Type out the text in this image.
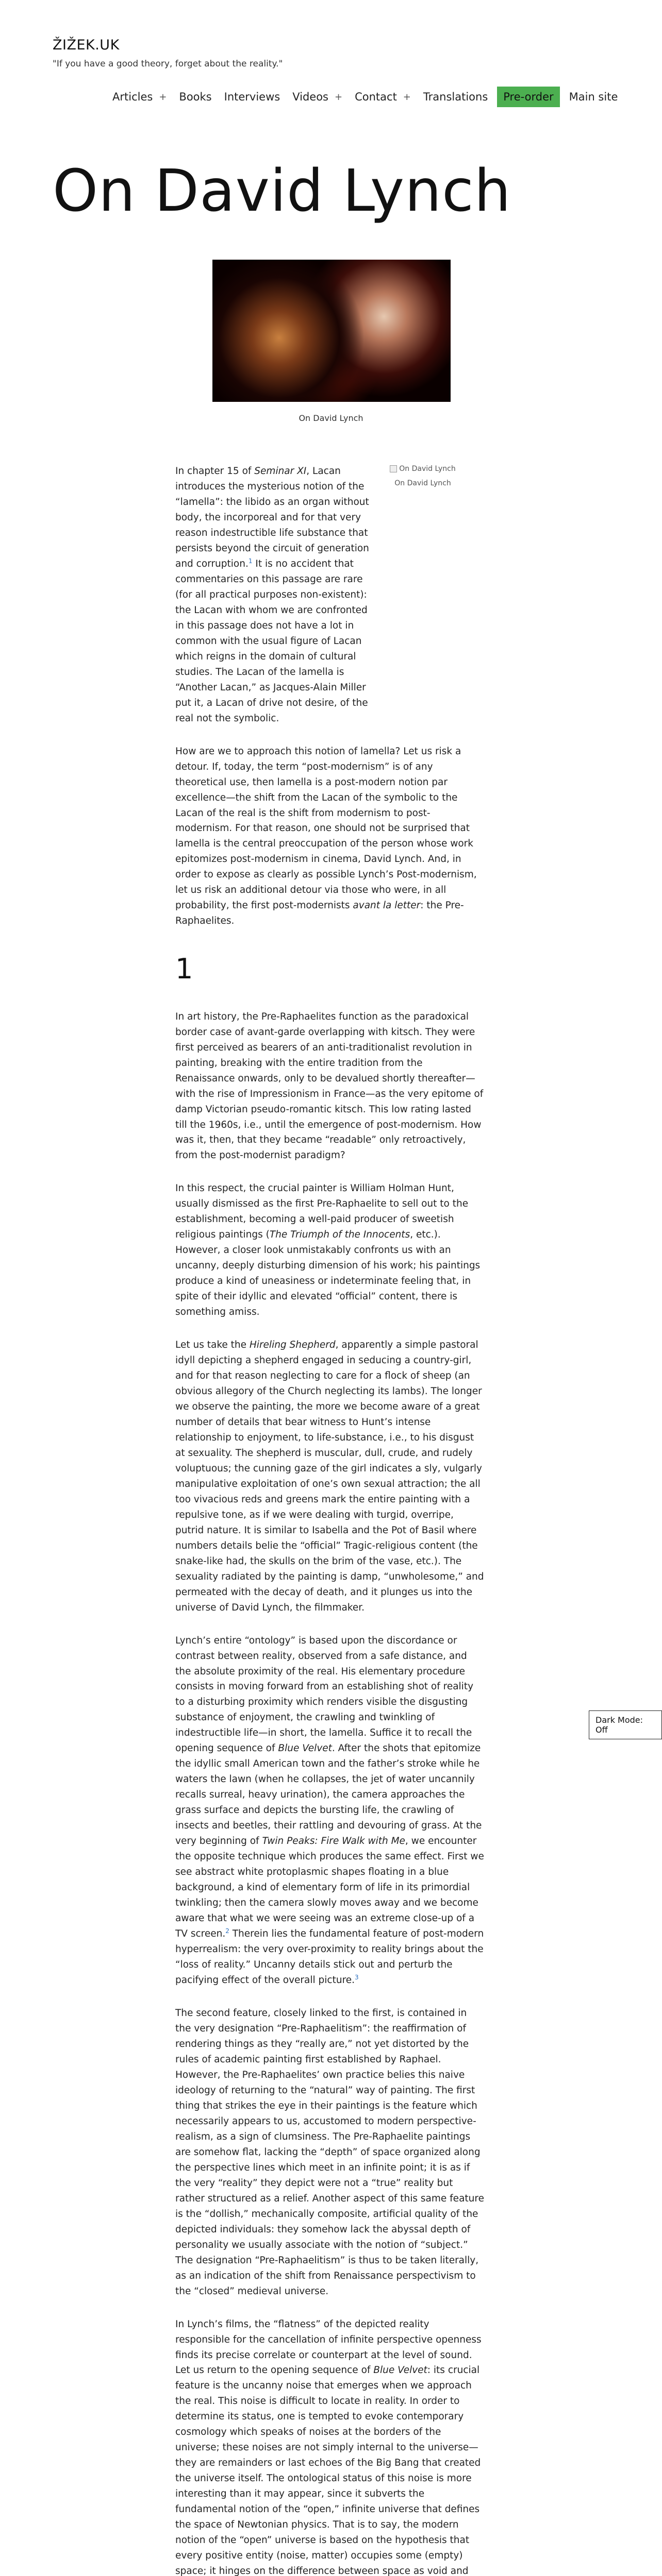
ŽIŽEK.UK
"If you have a good theory, forget about the reality."
Articles + Books Interviews Videos + Contact + Translations Pre-order Main site
On David Lynch
On David Lynch
On David Lynch
On David Lynch

In chapter 15 of Seminar XI, Lacan introduces the mysterious notion of the “lamella”: the libido as an organ without body, the incorporeal and for that very reason indestructible life substance that persists beyond the circuit of generation and corruption.$^1$ It is no accident that commentaries on this passage are rare (for all practical purposes non-existent): the Lacan with whom we are confronted in this passage does not have a lot in common with the usual figure of Lacan which reigns in the domain of cultural studies. The Lacan of the lamella is “Another Lacan,” as Jacques-Alain Miller put it, a Lacan of drive not desire, of the real not the symbolic.

How are we to approach this notion of lamella? Let us risk a detour. If, today, the term “post-modernism” is of any theoretical use, then lamella is a post-modern notion par excellence—the shift from the Lacan of the symbolic to the Lacan of the real is the shift from modernism to post-modernism. For that reason, one should not be surprised that lamella is the central preoccupation of the person whose work epitomizes post-modernism in cinema, David Lynch. And, in order to expose as clearly as possible Lynch’s Post-modernism, let us risk an additional detour via those who were, in all probability, the first post-modernists avant la letter: the Pre-Raphaelites.

1

In art history, the Pre-Raphaelites function as the paradoxical border case of avant-garde overlapping with kitsch. They were first perceived as bearers of an anti-traditionalist revolution in painting, breaking with the entire tradition from the Renaissance onwards, only to be devalued shortly thereafter—with the rise of Impressionism in France—as the very epitome of damp Victorian pseudo-romantic kitsch. This low rating lasted till the 1960s, i.e., until the emergence of post-modernism. How was it, then, that they became “readable” only retroactively, from the post-modernist paradigm?

In this respect, the crucial painter is William Holman Hunt, usually dismissed as the first Pre-Raphaelite to sell out to the establishment, becoming a well-paid producer of sweetish religious paintings (The Triumph of the Innocents, etc.). However, a closer look unmistakably confronts us with an uncanny, deeply disturbing dimension of his work; his paintings produce a kind of uneasiness or indeterminate feeling that, in spite of their idyllic and elevated “official” content, there is something amiss.

Let us take the Hireling Shepherd, apparently a simple pastoral idyll depicting a shepherd engaged in seducing a country-girl, and for that reason neglecting to care for a flock of sheep (an obvious allegory of the Church neglecting its lambs). The longer we observe the painting, the more we become aware of a great number of details that bear witness to Hunt’s intense relationship to enjoyment, to life-substance, i.e., to his disgust at sexuality. The shepherd is muscular, dull, crude, and rudely voluptuous; the cunning gaze of the girl indicates a sly, vulgarly manipulative exploitation of one’s own sexual attraction; the all too vivacious reds and greens mark the entire painting with a repulsive tone, as if we were dealing with turgid, overripe, putrid nature. It is similar to Isabella and the Pot of Basil where numbers details belie the “official” Tragic-religious content (the snake-like had, the skulls on the brim of the vase, etc.). The sexuality radiated by the painting is damp, “unwholesome,” and permeated with the decay of death, and it plunges us into the universe of David Lynch, the filmmaker.

Lynch’s entire “ontology” is based upon the discordance or contrast between reality, observed from a safe distance, and the absolute proximity of the real. His elementary procedure consists in moving forward from an establishing shot of reality to a disturbing proximity which renders visible the disgusting substance of enjoyment, the crawling and twinkling of indestructible life—in short, the lamella. Suffice it to recall the opening sequence of Blue Velvet. After the shots that epitomize the idyllic small American town and the father’s stroke while he waters the lawn (when he collapses, the jet of water uncannily recalls surreal, heavy urination), the camera approaches the grass surface and depicts the bursting life, the crawling of insects and beetles, their rattling and devouring of grass. At the very beginning of Twin Peaks: Fire Walk with Me, we encounter the opposite technique which produces the same effect. First we see abstract white protoplasmic shapes floating in a blue background, a kind of elementary form of life in its primordial twinkling; then the camera slowly moves away and we become aware that what we were seeing was an extreme close-up of a TV screen.$^2$ Therein lies the fundamental feature of post-modern hyperrealism: the very over-proximity to reality brings about the “loss of reality.” Uncanny details stick out and perturb the pacifying effect of the overall picture.$^3$

The second feature, closely linked to the first, is contained in the very designation “Pre-Raphaelitism”: the reaffirmation of rendering things as they “really are,” not yet distorted by the rules of academic painting first established by Raphael. However, the Pre-Raphaelites’ own practice belies this naive ideology of returning to the “natural” way of painting. The first thing that strikes the eye in their paintings is the feature which necessarily appears to us, accustomed to modern perspective-realism, as a sign of clumsiness. The Pre-Raphaelite paintings are somehow flat, lacking the “depth” of space organized along the perspective lines which meet in an infinite point; it is as if the very “reality” they depict were not a “true” reality but rather structured as a relief. Another aspect of this same feature is the “dollish,” mechanically composite, artificial quality of the depicted individuals: they somehow lack the abyssal depth of personality we usually associate with the notion of “subject.” The designation “Pre-Raphaelitism” is thus to be taken literally, as an indication of the shift from Renaissance perspectivism to the “closed” medieval universe.

In Lynch’s films, the “flatness” of the depicted reality responsible for the cancellation of infinite perspective openness finds its precise correlate or counterpart at the level of sound. Let us return to the opening sequence of Blue Velvet: its crucial feature is the uncanny noise that emerges when we approach the real. This noise is difficult to locate in reality. In order to determine its status, one is tempted to evoke contemporary cosmology which speaks of noises at the borders of the universe; these noises are not simply internal to the universe—they are remainders or last echoes of the Big Bang that created the universe itself. The ontological status of this noise is more interesting than it may appear, since it subverts the fundamental notion of the “open,” infinite universe that defines the space of Newtonian physics. That is to say, the modern notion of the “open” universe is based on the hypothesis that every positive entity (noise, matter) occupies some (empty) space; it hinges on the difference between space as void and

Dark Mode: Off
